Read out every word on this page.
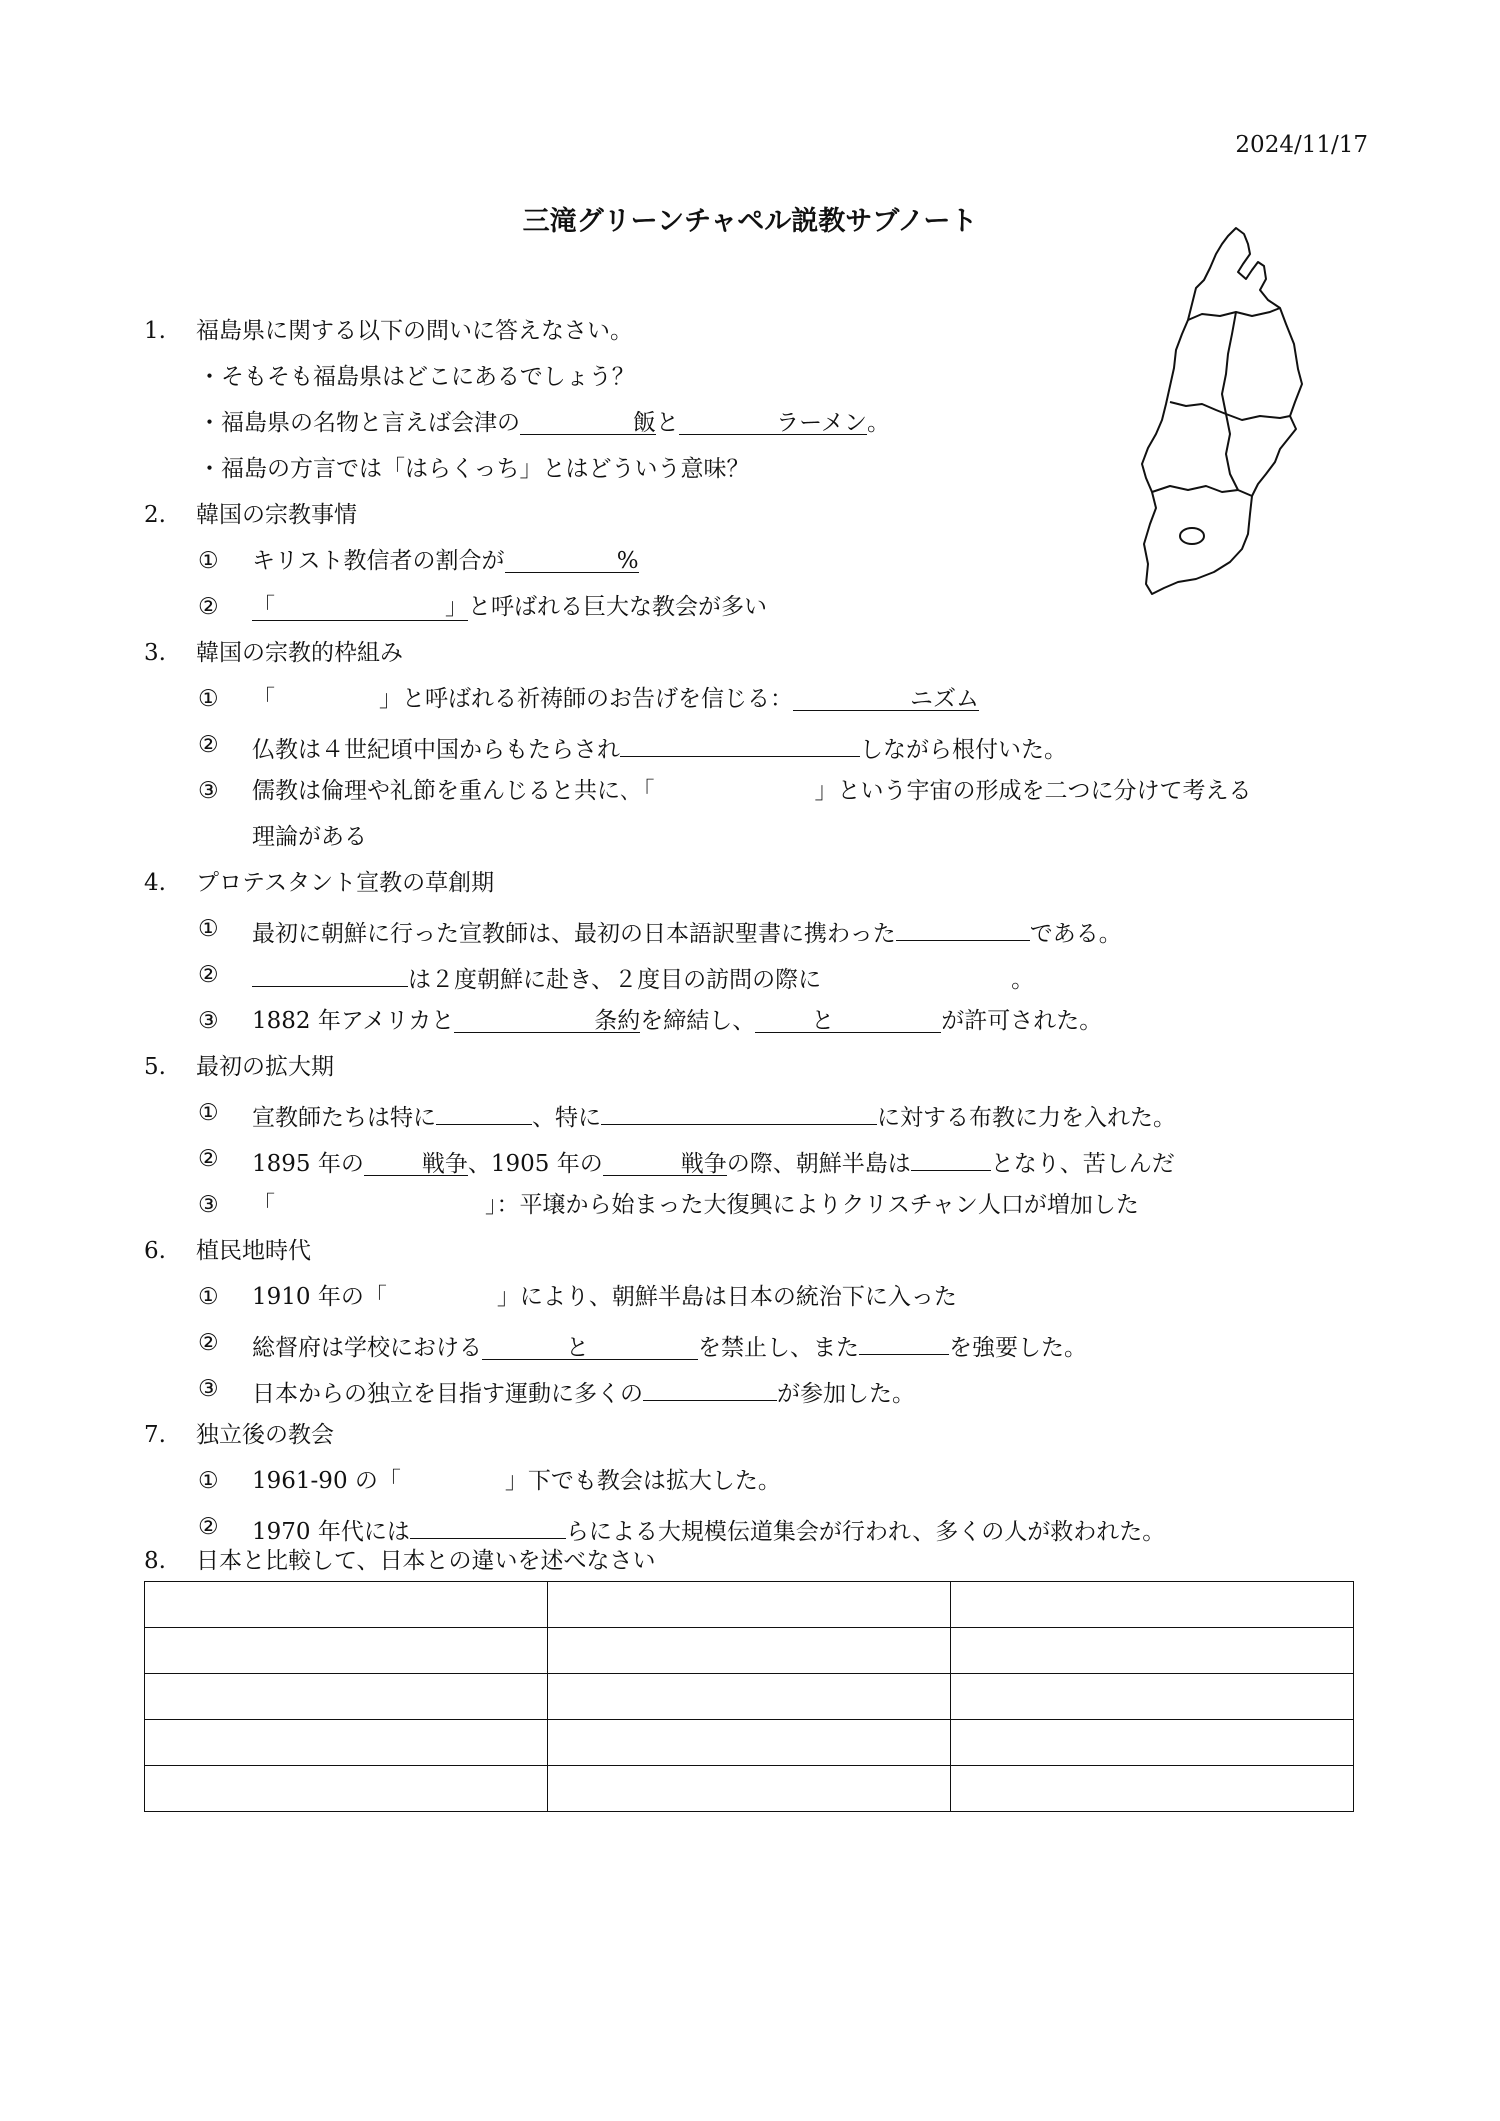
2024/11/17
三滝グリーンチャペル説教サブノート
1. 福島県に関する以下の問いに答えなさい。
・そもそも福島県はどこにあるでしょう？
・福島県の名物と言えば会津の	飯と	ラーメン。
・福島の方言では「はらくっち」とはどういう意味？
2. 韓国の宗教事情
① キリスト教信者の割合が	%
② 「	」と呼ばれる巨大な教会が多い
3. 韓国の宗教的枠組み
① 「	」と呼ばれる祈祷師のお告げを信じる：	ニズム
② 仏教は４世紀頃中国からもたらされ	しながら根付いた。
③ 儒教は倫理や礼節を重んじると共に､「	」という宇宙の形成を二つに分けて考える
理論がある
4. プロテスタント宣教の草創期
① 最初に朝鮮に行った宣教師は、最初の日本語訳聖書に携わった	である。
②	は２度朝鮮に赴き、２度目の訪問の際に	。
③ 1882 年アメリカと	条約を締結し、 と	が許可された。
5. 最初の拡大期
① 宣教師たちは特に	、特に	に対する布教に力を入れた。
② 1895 年の	戦争、1905 年の	戦争の際、朝鮮半島は	となり、苦しんだ
③ 「	」：平壌から始まった大復興によりクリスチャン人口が増加した
6. 植民地時代
① 1910 年の「	」により、朝鮮半島は日本の統治下に入った
② 総督府は学校における	と	を禁止し、また	を強要した。
③ 日本からの独立を目指す運動に多くの	が参加した。
7. 独立後の教会
① 1961-90 の「	」下でも教会は拡大した。
② 1970 年代には	らによる大規模伝道集会が行われ、多くの人が救われた。
8. 日本と比較して、日本との違いを述べなさい
